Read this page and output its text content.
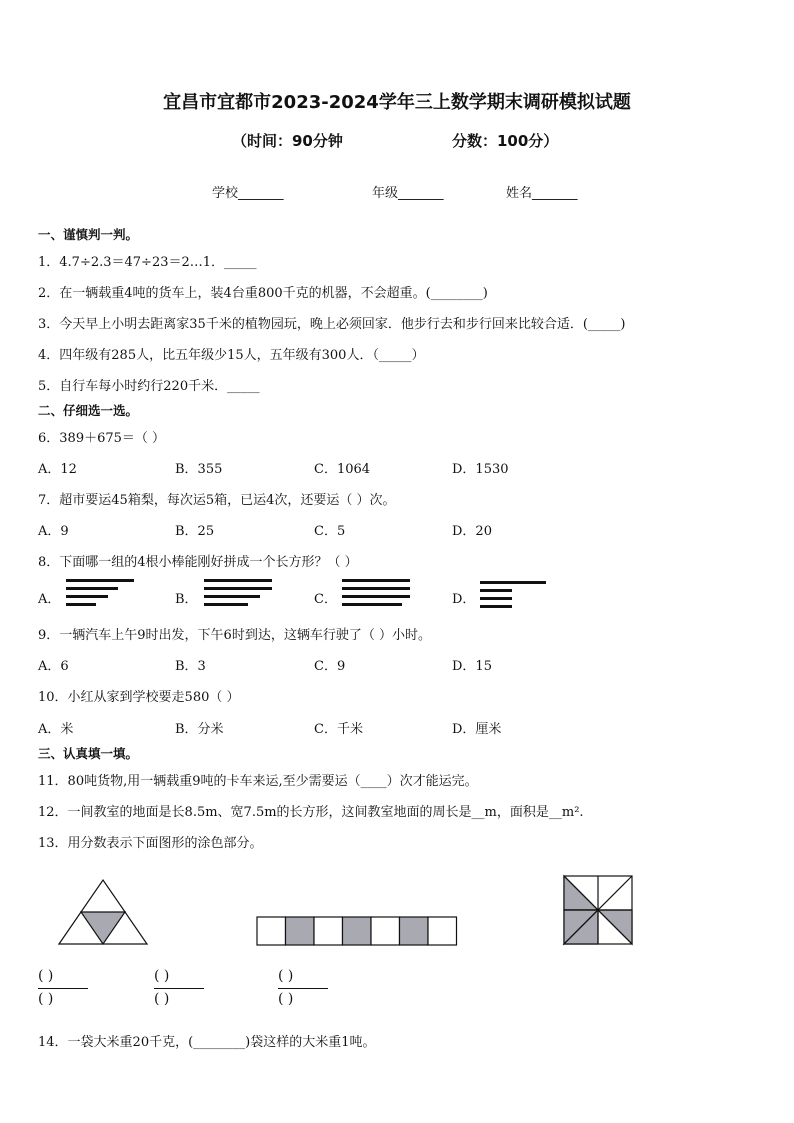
宜昌市宜都市2023-2024学年三上数学期末调研模拟试题
（时间：90分钟	分数：100分）
学校_______	年级_______	姓名_______
一、谨慎判一判。
1．4.7÷2.3＝47÷23＝2…1．_____
2．在一辆载重4吨的货车上，装4台重800千克的机器，不会超重。(________)
3．今天早上小明去距离家35千米的植物园玩，晚上必须回家．他步行去和步行回来比较合适．(_____)
4．四年级有285人，比五年级少15人，五年级有300人．（_____）
5．自行车每小时约行220千米．_____
二、仔细选一选。
6．389＋675＝（ ）
A．12	B．355	C．1064	D．1530
7．超市要运45箱梨，每次运5箱，已运4次，还要运（ ）次。
A．9	B．25	C．5	D．20
8．下面哪一组的4根小棒能刚好拼成一个长方形？（ ）
A．	B．	C．	D．
9．一辆汽车上午9时出发，下午6时到达，这辆车行驶了（ ）小时。
A．6	B．3	C．9	D．15
10．小红从家到学校要走580（ ）
A．米	B．分米	C．千米	D．厘米
三、认真填一填。
11．80吨货物,用一辆载重9吨的卡车来运,至少需要运（____）次才能运完。
12．一间教室的地面是长8.5m、宽7.5m的长方形，这间教室地面的周长是__m，面积是__m².
13．用分数表示下面图形的涂色部分。
( )
( )
( )
( )
( )
( )
14．一袋大米重20千克，(________)袋这样的大米重1吨。
